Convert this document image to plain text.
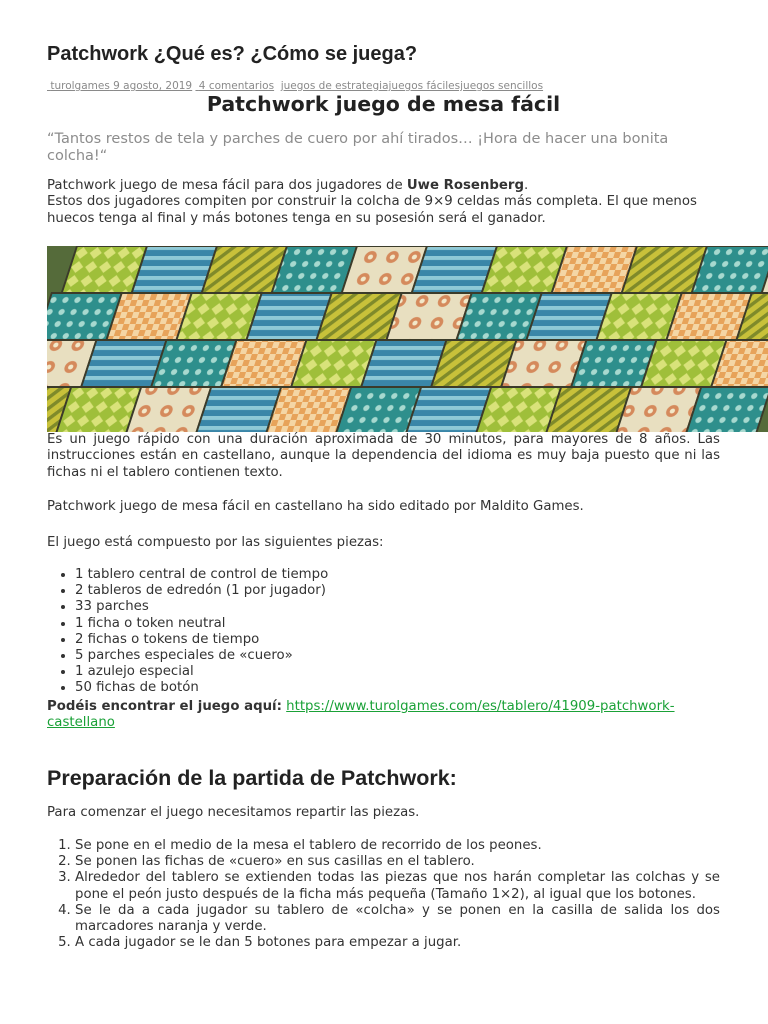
Patchwork ¿Qué es? ¿Cómo se juega?
turolgames 9 agosto, 2019 4 comentarios juegos de estrategiajuegos fácilesjuegos sencillos
Patchwork juego de mesa fácil
“Tantos restos de tela y parches de cuero por ahí tirados… ¡Hora de hacer una bonita colcha!“
Patchwork juego de mesa fácil para dos jugadores de Uwe Rosenberg.
Estos dos jugadores compiten por construir la colcha de 9×9 celdas más completa. El que menos huecos tenga al final y más botones tenga en su posesión será el ganador.
Es un juego rápido con una duración aproximada de 30 minutos, para mayores de 8 años. Las instrucciones están en castellano, aunque la dependencia del idioma es muy baja puesto que ni las fichas ni el tablero contienen texto.
Patchwork juego de mesa fácil en castellano ha sido editado por Maldito Games.
El juego está compuesto por las siguientes piezas:
• 1 tablero central de control de tiempo
• 2 tableros de edredón (1 por jugador)
• 33 parches
• 1 ficha o token neutral
• 2 fichas o tokens de tiempo
• 5 parches especiales de «cuero»
• 1 azulejo especial
• 50 fichas de botón
Podéis encontrar el juego aquí: https://www.turolgames.com/es/tablero/41909-patchwork-castellano
Preparación de la partida de Patchwork:
Para comenzar el juego necesitamos repartir las piezas.
1. Se pone en el medio de la mesa el tablero de recorrido de los peones.
2. Se ponen las fichas de «cuero» en sus casillas en el tablero.
3. Alrededor del tablero se extienden todas las piezas que nos harán completar las colchas y se pone el peón justo después de la ficha más pequeña (Tamaño 1×2), al igual que los botones.
4. Se le da a cada jugador su tablero de «colcha» y se ponen en la casilla de salida los dos marcadores naranja y verde.
5. A cada jugador se le dan 5 botones para empezar a jugar.
